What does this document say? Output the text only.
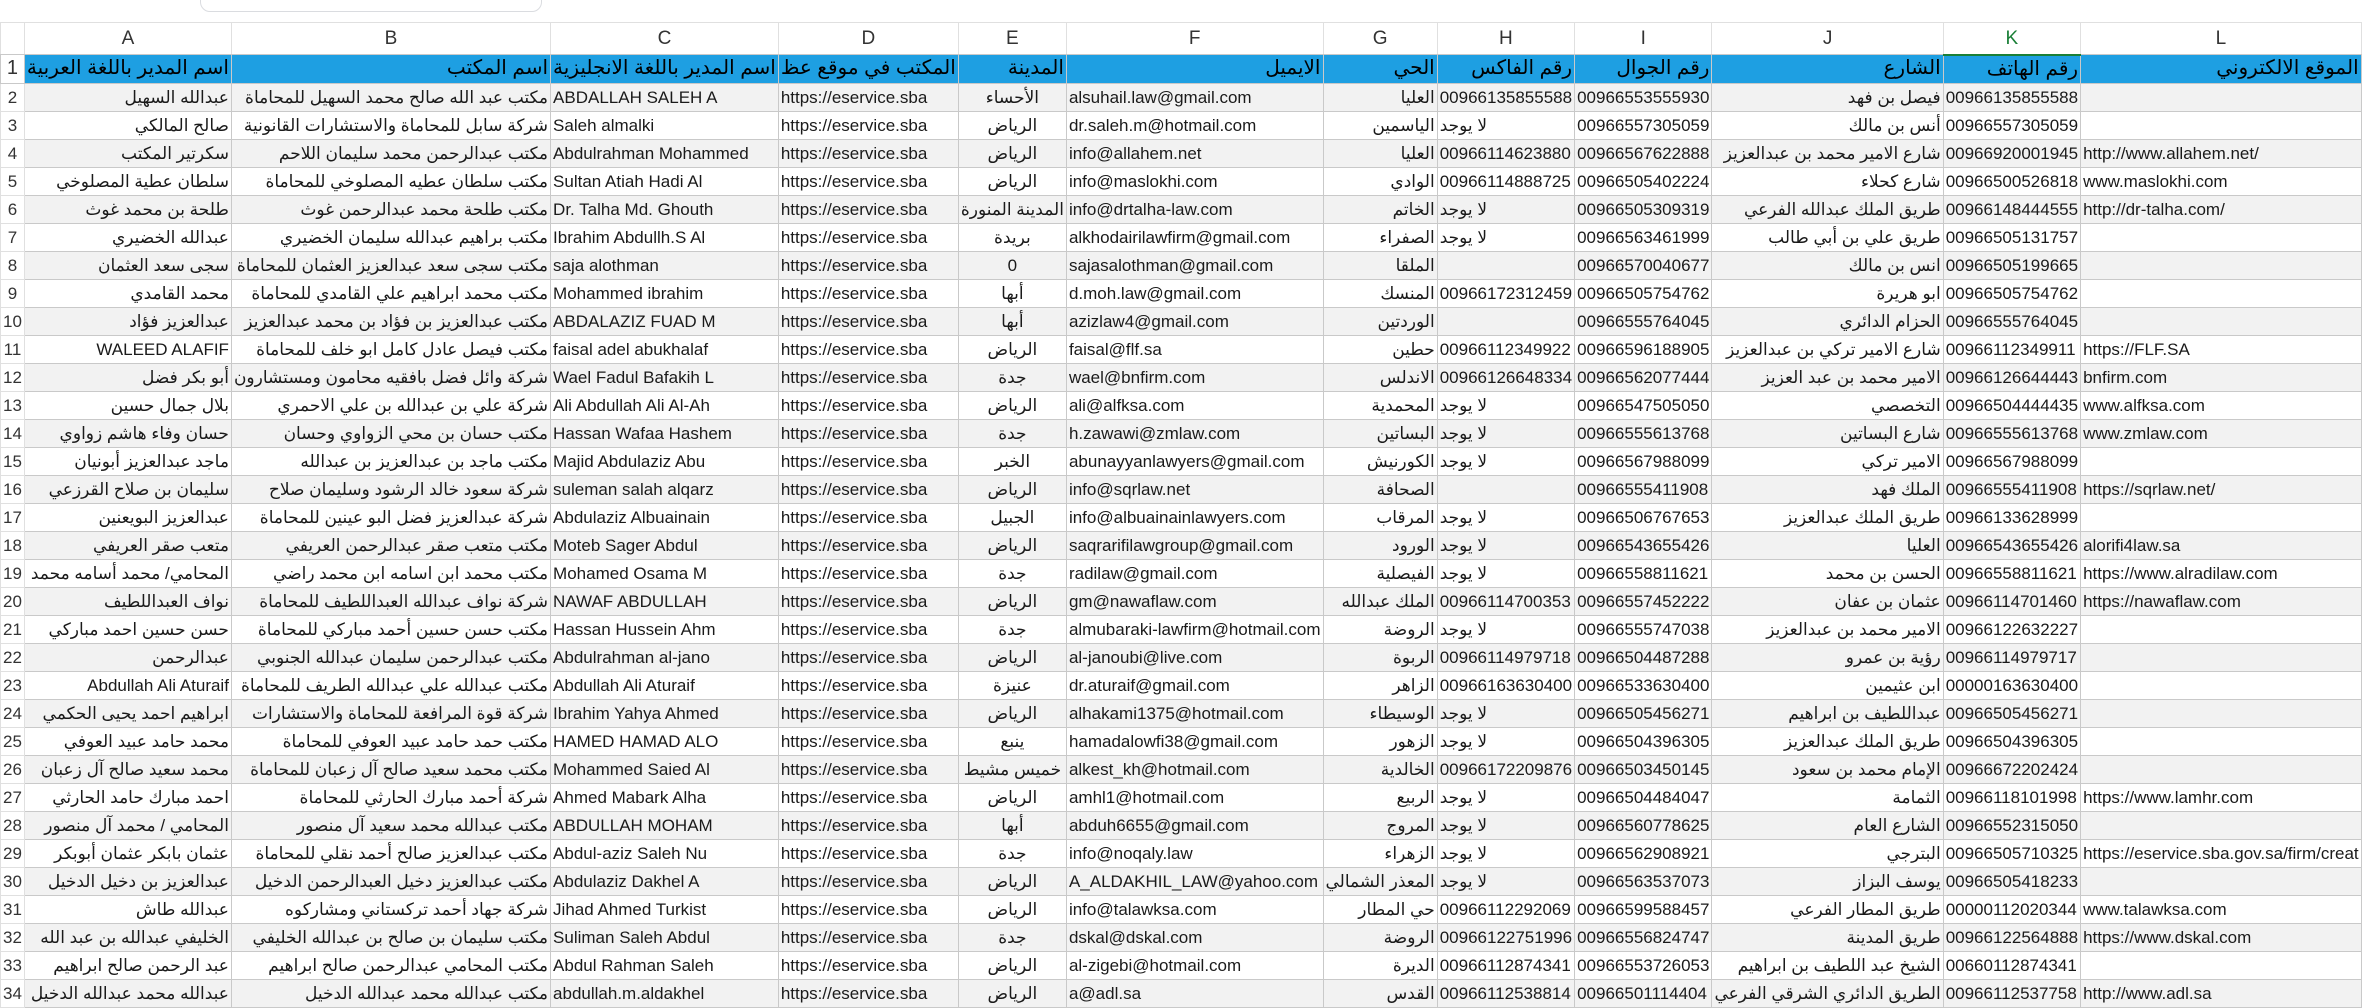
	A	B	C	D	E	F	G	H	I	J	K	L
1	اسم المدير باللغة العربية	اسم المكتب	اسم المدير باللغة الانجليزية	المكتب في موقع عظ	المدينة	الايميل	الحي	رقم الفاكس	رقم الجوال	الشارع	رقم الهاتف	الموقع الالكتروني
2	عبدالله السهيل	مكتب عبد الله صالح محمد السهيل للمحاماة	ABDALLAH SALEH A	https://eservice.sba	الأحساء	alsuhail.law@gmail.com	العليا	00966135855588	00966553555930	فيصل بن فهد	00966135855588	
3	صالح المالكي	شركة سابل للمحاماة والاستشارات القانونية	Saleh almalki	https://eservice.sba	الرياض	dr.saleh.m@hotmail.com	الياسمين	لا يوجد	00966557305059	أنس بن مالك	00966557305059	
4	سكرتير المكتب	مكتب عبدالرحمن محمد سليمان اللاحم	Abdulrahman Mohammed	https://eservice.sba	الرياض	info@allahem.net	العليا	00966114623880	00966567622888	شارع الامير محمد بن عبدالعزيز	00966920001945	http://www.allahem.net/
5	سلطان عطية المصلوخي	مكتب سلطان عطيه المصلوخي للمحاماة	Sultan Atiah Hadi Al	https://eservice.sba	الرياض	info@maslokhi.com	الوادي	00966114888725	00966505402224	شارع كحلاء	00966500526818	www.maslokhi.com
6	طلحة بن محمد غوث	مكتب طلحة محمد عبدالرحمن غوث	Dr. Talha Md. Ghouth	https://eservice.sba	المدينة المنورة	info@drtalha-law.com	الخاتم	لا يوجد	00966505309319	طريق الملك عبدالله الفرعي	00966148444555	http://dr-talha.com/
7	عبدالله الخضيري	مكتب براهيم عبدالله سليمان الخضيري	Ibrahim Abdullh.S Al	https://eservice.sba	بريدة	alkhodairilawfirm@gmail.com	الصفراء	لا يوجد	00966563461999	طريق علي بن أبي طالب	00966505131757	
8	سجى سعد العثمان	مكتب سجى سعد عبدالعزيز العثمان للمحاماة	saja alothman	https://eservice.sba	0	sajasalothman@gmail.com	الملقا		00966570040677	انس بن مالك	00966505199665	
9	محمد القامدي	مكتب محمد ابراهيم علي القامدي للمحاماة	Mohammed ibrahim	https://eservice.sba	أبها	d.moh.law@gmail.com	المنسك	00966172312459	00966505754762	ابو هريرة	00966505754762	
10	عبدالعزيز فؤاد	مكتب عبدالعزيز بن فؤاد بن محمد عبدالعزيز	ABDALAZIZ FUAD M	https://eservice.sba	أبها	azizlaw4@gmail.com	الوردتين		00966555764045	الحزام الدائري	00966555764045	
11	WALEED ALAFIF	مكتب فيصل عادل كامل ابو خلف للمحاماة	faisal adel abukhalaf	https://eservice.sba	الرياض	faisal@flf.sa	حطين	00966112349922	00966596188905	شارع الامير تركي بن عبدالعزيز	00966112349911	https://FLF.SA
12	أبو بكر فضل	شركة وائل فضل بافقيه محامون ومستشارون	Wael Fadul Bafakih L	https://eservice.sba	جدة	wael@bnfirm.com	الاندلس	00966126648334	00966562077444	الامير محمد بن عبد العزيز	00966126644443	bnfirm.com
13	بلال جمال حسين	شركة علي بن عبدالله بن علي الاحمري	Ali Abdullah Ali Al-Ah	https://eservice.sba	الرياض	ali@alfksa.com	المحمدية	لا يوجد	00966547505050	التخصصي	00966504444435	www.alfksa.com
14	حسان وفاء هاشم زواوي	مكتب حسان بن محي الزواوي وحسان	Hassan Wafaa Hashem	https://eservice.sba	جدة	h.zawawi@zmlaw.com	البساتين	لا يوجد	00966555613768	شارع البساتين	00966555613768	www.zmlaw.com
15	ماجد عبدالعزيز أبونيان	مكتب ماجد بن عبدالعزيز بن عبدالله	Majid Abdulaziz Abu	https://eservice.sba	الخبر	abunayyanlawyers@gmail.com	الكورنيش	لا يوجد	00966567988099	الامير تركي	00966567988099	
16	سليمان بن صلاح القرزعي	شركة سعود خالد الرشود وسليمان صلاح	suleman salah alqarz	https://eservice.sba	الرياض	info@sqrlaw.net	الصحافة		00966555411908	الملك فهد	00966555411908	https://sqrlaw.net/
17	عبدالعزيز البويعنين	شركة عبدالعزيز فضل البو عينين للمحاماة	Abdulaziz Albuainain	https://eservice.sba	الجبيل	info@albuainainlawyers.com	المرقاب	لا يوجد	00966506767653	طريق الملك عبدالعزيز	00966133628999	
18	متعب صقر العريفي	مكتب متعب صقر عبدالرحمن العريفي	Moteb Sager Abdul	https://eservice.sba	الرياض	saqrarifilawgroup@gmail.com	الورود	لا يوجد	00966543655426	العليا	00966543655426	alorifi4law.sa
19	المحامي/ محمد أسامه محمد	مكتب محمد ابن اسامه ابن محمد راضي	Mohamed Osama M	https://eservice.sba	جدة	radilaw@gmail.com	الفيصلية	لا يوجد	00966558811621	الحسن بن محمد	00966558811621	https://www.alradilaw.com
20	نواف العبداللطيف	شركة نواف عبدالله العبداللطيف للمحاماة	NAWAF ABDULLAH	https://eservice.sba	الرياض	gm@nawaflaw.com	الملك عبدالله	00966114700353	00966557452222	عثمان بن عفان	00966114701460	https://nawaflaw.com
21	حسن حسين احمد مباركي	مكتب حسن حسين أحمد مباركي للمحاماة	Hassan Hussein Ahm	https://eservice.sba	جدة	almubaraki-lawfirm@hotmail.com	الروضة	لا يوجد	00966555747038	الامير محمد بن عبدالعزيز	00966122632227	
22	عبدالرحمن	مكتب عبدالرحمن سليمان عبدالله الجنوبي	Abdulrahman al-jano	https://eservice.sba	الرياض	al-janoubi@live.com	الربوة	00966114979718	00966504487288	رؤية بن عمرو	00966114979717	
23	Abdullah Ali Aturaif	مكتب عبدالله علي عبدالله الطريف للمحاماة	Abdullah Ali Aturaif	https://eservice.sba	عنيزة	dr.aturaif@gmail.com	الزاهر	00966163630400	00966533630400	ابن عثيمين	00000163630400	
24	ابراهيم احمد يحيى الحكمي	شركة قوة المرافعة للمحاماة والاستشارات	Ibrahim Yahya Ahmed	https://eservice.sba	الرياض	alhakami1375@hotmail.com	الوسيطاء	لا يوجد	00966505456271	عبداللطيف بن ابراهيم	00966505456271	
25	محمد حامد عبيد العوفي	مكتب حمد حامد عبيد العوفي للمحاماة	HAMED HAMAD ALO	https://eservice.sba	ينبع	hamadalowfi38@gmail.com	الزهور	لا يوجد	00966504396305	طريق الملك عبدالعزيز	00966504396305	
26	محمد سعيد صالح آل زعبان	مكتب محمد سعيد صالح آل زعبان للمحاماة	Mohammed Saied Al	https://eservice.sba	خميس مشيط	alkest_kh@hotmail.com	الخالدية	00966172209876	00966503450145	الإمام محمد بن سعود	00966672202424	
27	احمد مبارك حامد الحارثي	شركة أحمد مبارك الحارثي للمحاماة	Ahmed Mabark Alha	https://eservice.sba	الرياض	amhl1@hotmail.com	الربيع	لا يوجد	00966504484047	الثمامة	00966118101998	https://www.lamhr.com
28	المحامي / محمد آل منصور	مكتب عبدالله محمد سعيد آل منصور	ABDULLAH MOHAM	https://eservice.sba	أبها	abduh6655@gmail.com	المروج	لا يوجد	00966560778625	الشارع العام	00966552315050	
29	عثمان بابكر عثمان أبوبكر	مكتب عبدالعزيز صالح أحمد نقلي للمحاماة	Abdul-aziz Saleh Nu	https://eservice.sba	جدة	info@noqaly.law	الزهراء	لا يوجد	00966562908921	البترجي	00966505710325	https://eservice.sba.gov.sa/firm/creat
30	عبدالعزيز بن دخيل الدخيل	مكتب عبدالعزيز دخيل العبدالرحمن الدخيل	Abdulaziz Dakhel A	https://eservice.sba	الرياض	A_ALDAKHIL_LAW@yahoo.com	المعذر الشمالي	لا يوجد	00966563537073	يوسف البزاز	00966505418233	
31	عبدالله طاش	شركة جهاد أحمد تركستاني ومشاركوه	Jihad Ahmed Turkist	https://eservice.sba	الرياض	info@talawksa.com	حي المطار	00966112292069	00966599588457	طريق المطار الفرعي	00000112020344	www.talawksa.com
32	الخليفي عبدالله بن عبد الله	مكتب سليمان بن صالح بن عبدالله الخليفي	Suliman Saleh Abdul	https://eservice.sba	جدة	dskal@dskal.com	الروضة	00966122751996	00966556824747	طريق المدينة	00966122564888	https://www.dskal.com
33	عبد الرحمن صالح ابراهيم	مكتب المحامي عبدالرحمن صالح ابراهيم	Abdul Rahman Saleh	https://eservice.sba	الرياض	al-zigebi@hotmail.com	الديرة	00966112874341	00966553726053	الشيخ عبد اللطيف بن ابراهيم	00660112874341	
34	عبدالله محمد عبدالله الدخيل	مكتب عبدالله محمد عبدالله الدخيل	abdullah.m.aldakhel	https://eservice.sba	الرياض	a@adl.sa	القدس	00966112538814	00966501114404	الطريق الدائري الشرقي الفرعي	00966112537758	http://www.adl.sa
